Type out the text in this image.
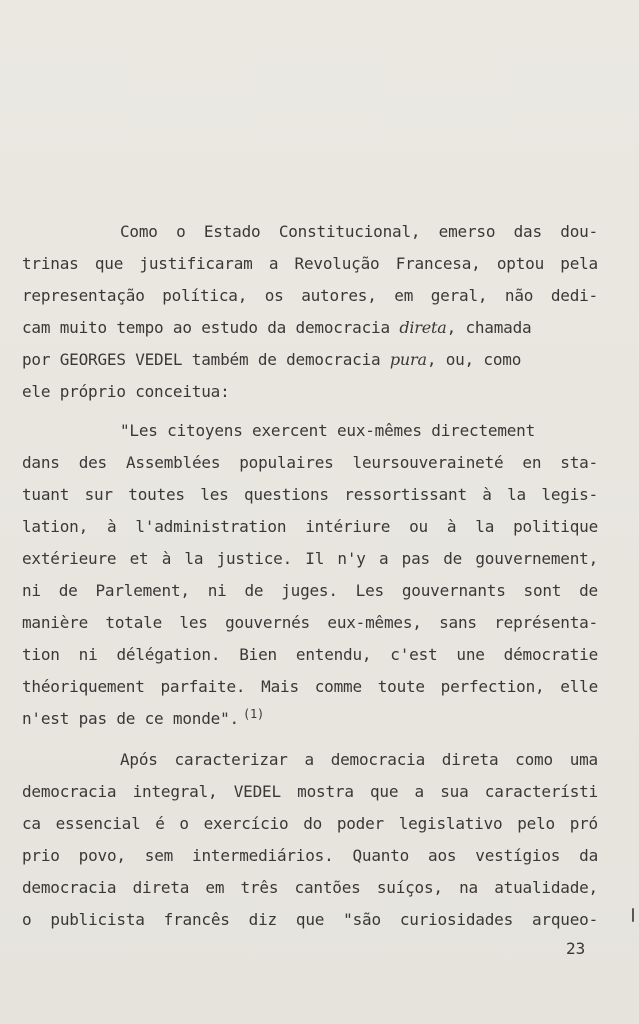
Como o Estado Constitucional, emerso das dou-
trinas que justificaram a Revolução Francesa, optou pela
representação política, os autores, em geral, não dedi-
cam muito tempo ao estudo da democracia direta, chamada
por GEORGES VEDEL também de democracia pura, ou, como
ele próprio conceitua:
"Les citoyens exercent eux-mêmes directement
dans des Assemblées populaires leursouveraineté en sta-
tuant sur toutes les questions ressortissant à la legis-
lation, à l'administration intériure ou à la politique
extérieure et à la justice. Il n'y a pas de gouvernement,
ni de Parlement, ni de juges. Les gouvernants sont de
manière totale les gouvernés eux-mêmes, sans représenta-
tion ni délégation. Bien entendu, c'est une démocratie
théoriquement parfaite. Mais comme toute perfection, elle
n'est pas de ce monde". $^{(1)}$
Após caracterizar a democracia direta como uma
democracia integral, VEDEL mostra que a sua característi
ca essencial é o exercício do poder legislativo pelo pró
prio povo, sem intermediários. Quanto aos vestígios da
democracia direta em três cantões suíços, na atualidade,
o publicista francês diz que "são curiosidades arqueo-
23
